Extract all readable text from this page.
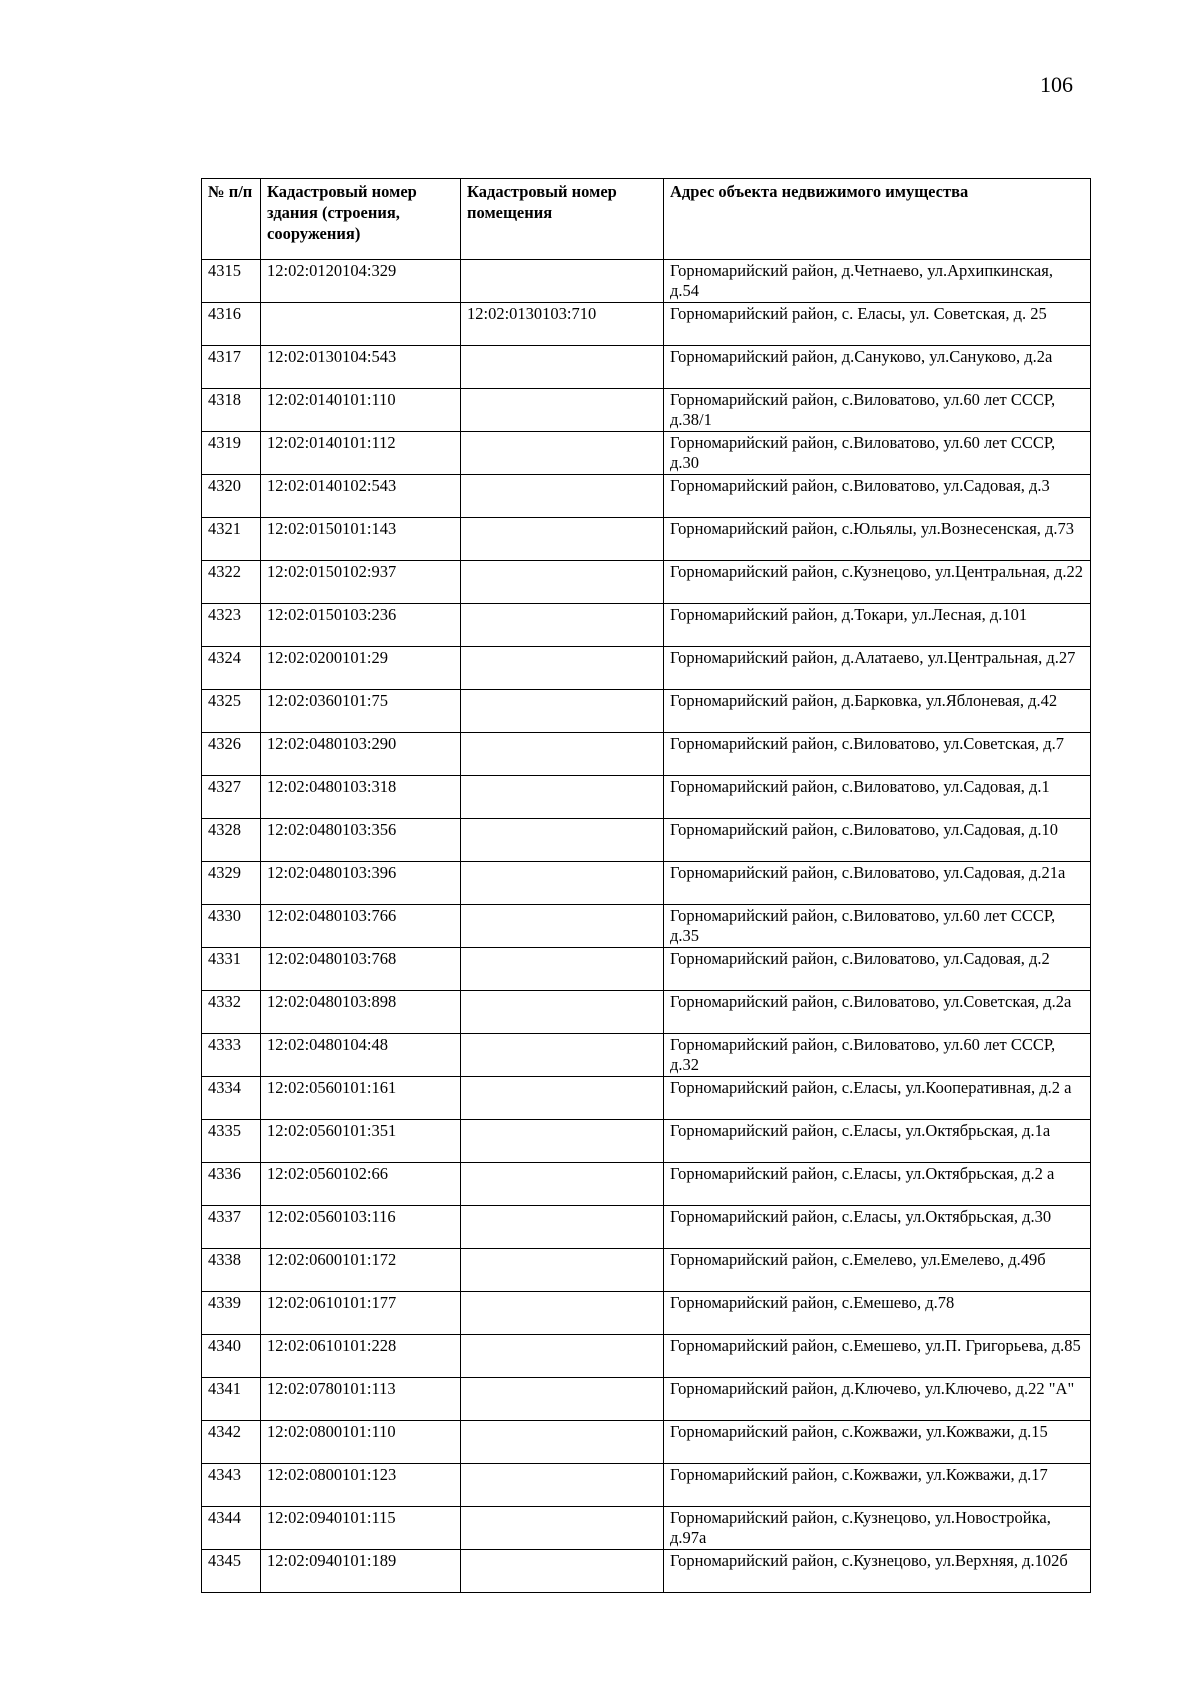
106
№ п/п	Кадастровый номер здания (строения, сооружения)	Кадастровый номер помещения	Адрес объекта недвижимого имущества
4315	12:02:0120104:329		Горномарийский район, д.Четнаево, ул.Архипкинская, д.54
4316		12:02:0130103:710	Горномарийский район, с. Еласы, ул. Советская, д. 25
4317	12:02:0130104:543		Горномарийский район, д.Сануково, ул.Сануково, д.2а
4318	12:02:0140101:110		Горномарийский район, с.Виловатово, ул.60 лет СССР, д.38/1
4319	12:02:0140101:112		Горномарийский район, с.Виловатово, ул.60 лет СССР, д.30
4320	12:02:0140102:543		Горномарийский район, с.Виловатово, ул.Садовая, д.3
4321	12:02:0150101:143		Горномарийский район, с.Юльялы, ул.Вознесенская, д.73
4322	12:02:0150102:937		Горномарийский район, с.Кузнецово, ул.Центральная, д.22
4323	12:02:0150103:236		Горномарийский район, д.Токари, ул.Лесная, д.101
4324	12:02:0200101:29		Горномарийский район, д.Алатаево, ул.Центральная, д.27
4325	12:02:0360101:75		Горномарийский район, д.Барковка, ул.Яблоневая, д.42
4326	12:02:0480103:290		Горномарийский район, с.Виловатово, ул.Советская, д.7
4327	12:02:0480103:318		Горномарийский район, с.Виловатово, ул.Садовая, д.1
4328	12:02:0480103:356		Горномарийский район, с.Виловатово, ул.Садовая, д.10
4329	12:02:0480103:396		Горномарийский район, с.Виловатово, ул.Садовая, д.21а
4330	12:02:0480103:766		Горномарийский район, с.Виловатово, ул.60 лет СССР, д.35
4331	12:02:0480103:768		Горномарийский район, с.Виловатово, ул.Садовая, д.2
4332	12:02:0480103:898		Горномарийский район, с.Виловатово, ул.Советская, д.2а
4333	12:02:0480104:48		Горномарийский район, с.Виловатово, ул.60 лет СССР, д.32
4334	12:02:0560101:161		Горномарийский район, с.Еласы, ул.Кооперативная, д.2 а
4335	12:02:0560101:351		Горномарийский район, с.Еласы, ул.Октябрьская, д.1а
4336	12:02:0560102:66		Горномарийский район, с.Еласы, ул.Октябрьская, д.2 а
4337	12:02:0560103:116		Горномарийский район, с.Еласы, ул.Октябрьская, д.30
4338	12:02:0600101:172		Горномарийский район, с.Емелево, ул.Емелево, д.49б
4339	12:02:0610101:177		Горномарийский район, с.Емешево, д.78
4340	12:02:0610101:228		Горномарийский район, с.Емешево, ул.П. Григорьева, д.85
4341	12:02:0780101:113		Горномарийский район, д.Ключево, ул.Ключево, д.22 "А"
4342	12:02:0800101:110		Горномарийский район, с.Кожважи, ул.Кожважи, д.15
4343	12:02:0800101:123		Горномарийский район, с.Кожважи, ул.Кожважи, д.17
4344	12:02:0940101:115		Горномарийский район, с.Кузнецово, ул.Новостройка, д.97а
4345	12:02:0940101:189		Горномарийский район, с.Кузнецово, ул.Верхняя, д.102б
